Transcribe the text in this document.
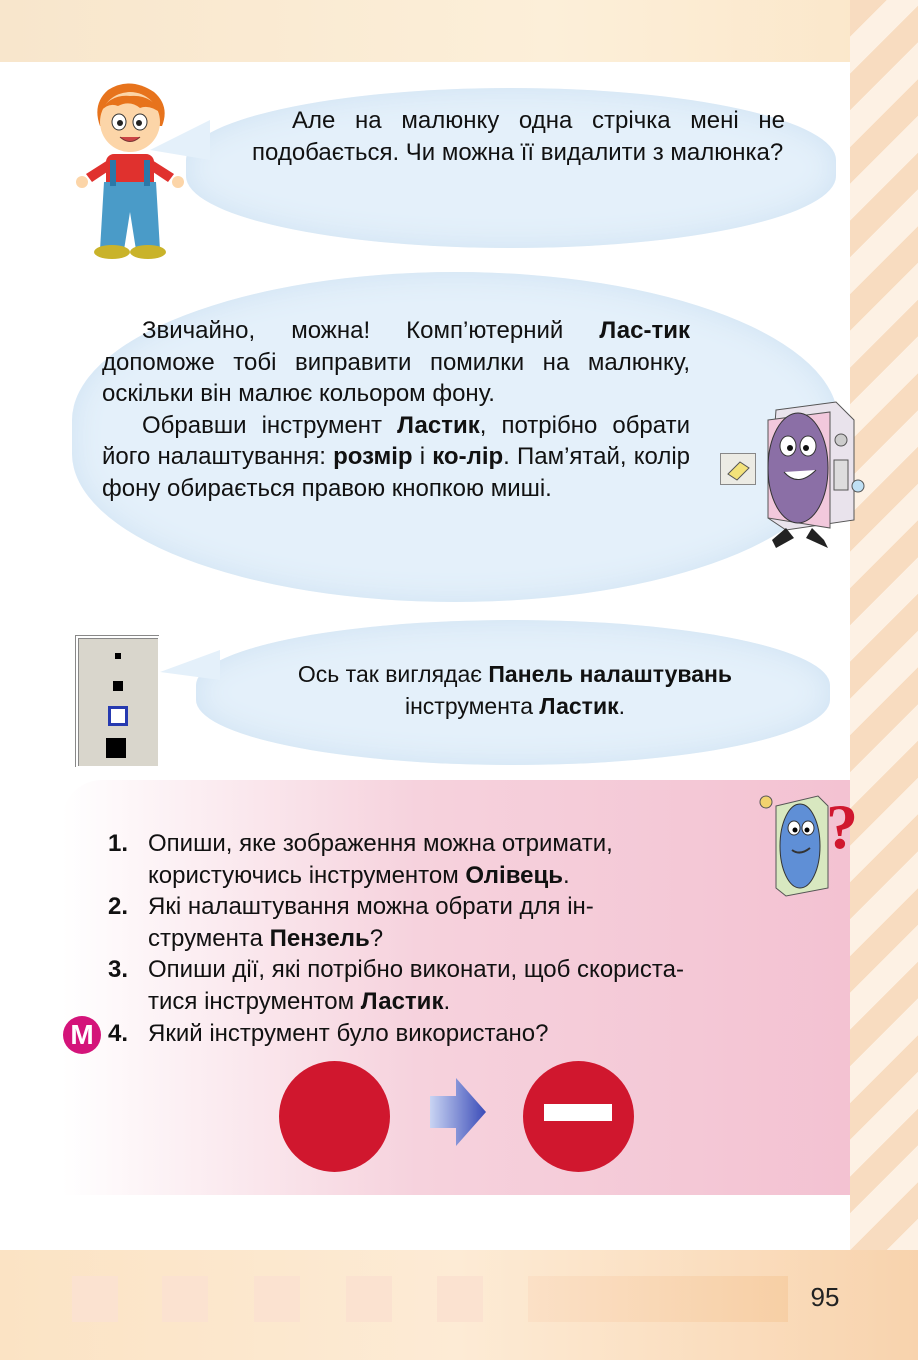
Але на малюнку одна стрічка мені не подобається. Чи можна її видалити з малюнка?
Звичайно, можна! Комп’ютерний Лас-тик допоможе тобі виправити помилки на малюнку, оскільки він малює кольором фону.
Обравши інструмент Ластик, потрібно обрати його налаштування: розмір і ко-лір. Пам’ятай, колір фону обирається правою кнопкою миші.
Ось так виглядає Панель налаштувань
інструмента Ластик.
?
1. Опиши, яке зображення можна отримати,
користуючись інструментом Олівець.
2. Які налаштування можна обрати для ін-
струмента Пензель?
3. Опиши дії, які потрібно виконати, щоб скориста-
тися інструментом Ластик.
4. Який інструмент було використано?
М
95
